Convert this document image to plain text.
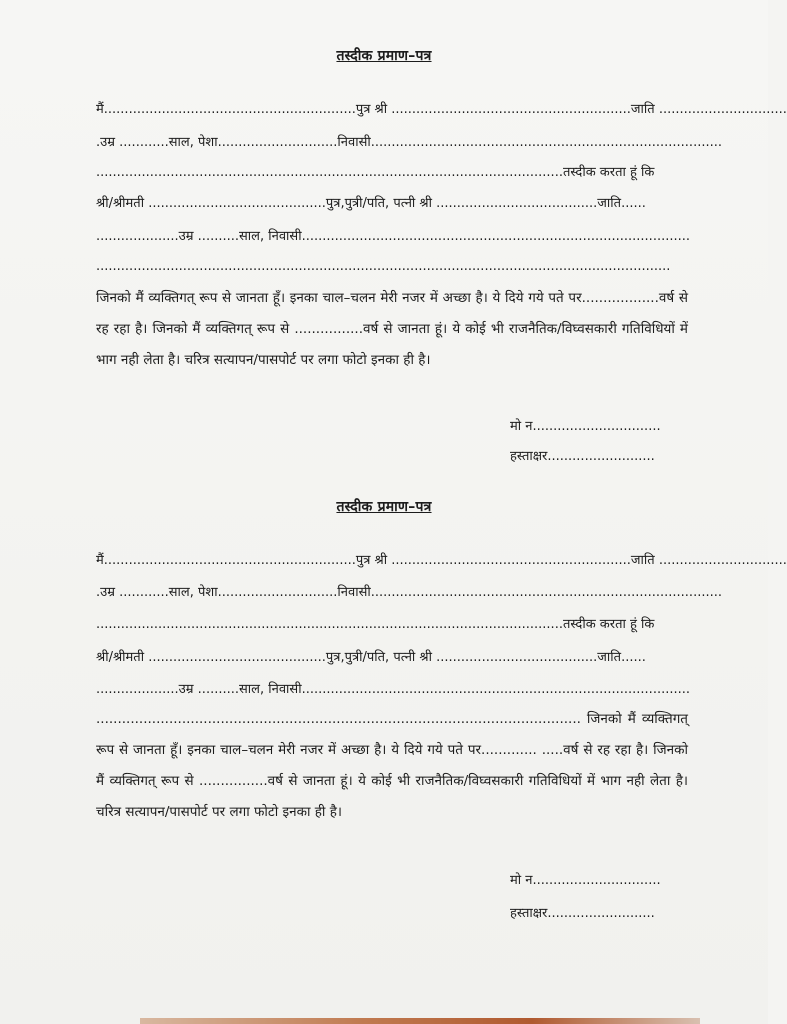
तस्दीक प्रमाण–पत्र
मैं.............................................................पुत्र श्री ..........................................................जाति ...............................
.उम्र ............साल, पेशा.............................निवासी.....................................................................................
.................................................................................................................तस्दीक करता हूं कि
श्री/श्रीमती ...........................................पुत्र,पुत्री/पति, पत्नी श्री .......................................जाति......
....................उम्र ..........साल, निवासी..............................................................................................
...........................................................................................................................................
जिनको मैं व्यक्तिगत् रूप से जानता हूँ। इनका चाल–चलन मेरी नजर में अच्छा है। ये दिये गये पते पर..................वर्ष से रह रहा है। जिनको मैं व्यक्तिगत् रूप से ................वर्ष से जानता हूं। ये कोई भी राजनैतिक/विघ्वसकारी गतिविधियों में भाग नही लेता है। चरित्र सत्यापन/पासपोर्ट पर लगा फोटो इनका ही है।
मो न...............................
हस्ताक्षर..........................
तस्दीक प्रमाण–पत्र
मैं.............................................................पुत्र श्री ..........................................................जाति ...............................
.उम्र ............साल, पेशा.............................निवासी.....................................................................................
.................................................................................................................तस्दीक करता हूं कि
श्री/श्रीमती ...........................................पुत्र,पुत्री/पति, पत्नी श्री .......................................जाति......
....................उम्र ..........साल, निवासी..............................................................................................
................................................................................................................. जिनको मैं व्यक्तिगत् रूप से जानता हूँ। इनका चाल–चलन मेरी नजर में अच्छा है। ये दिये गये पते पर............. .....वर्ष से रह रहा है। जिनको मैं व्यक्तिगत् रूप से ................वर्ष से जानता हूं। ये कोई भी राजनैतिक/विघ्वसकारी गतिविधियों में भाग नही लेता है। चरित्र सत्यापन/पासपोर्ट पर लगा फोटो इनका ही है।
मो न...............................
हस्ताक्षर..........................
